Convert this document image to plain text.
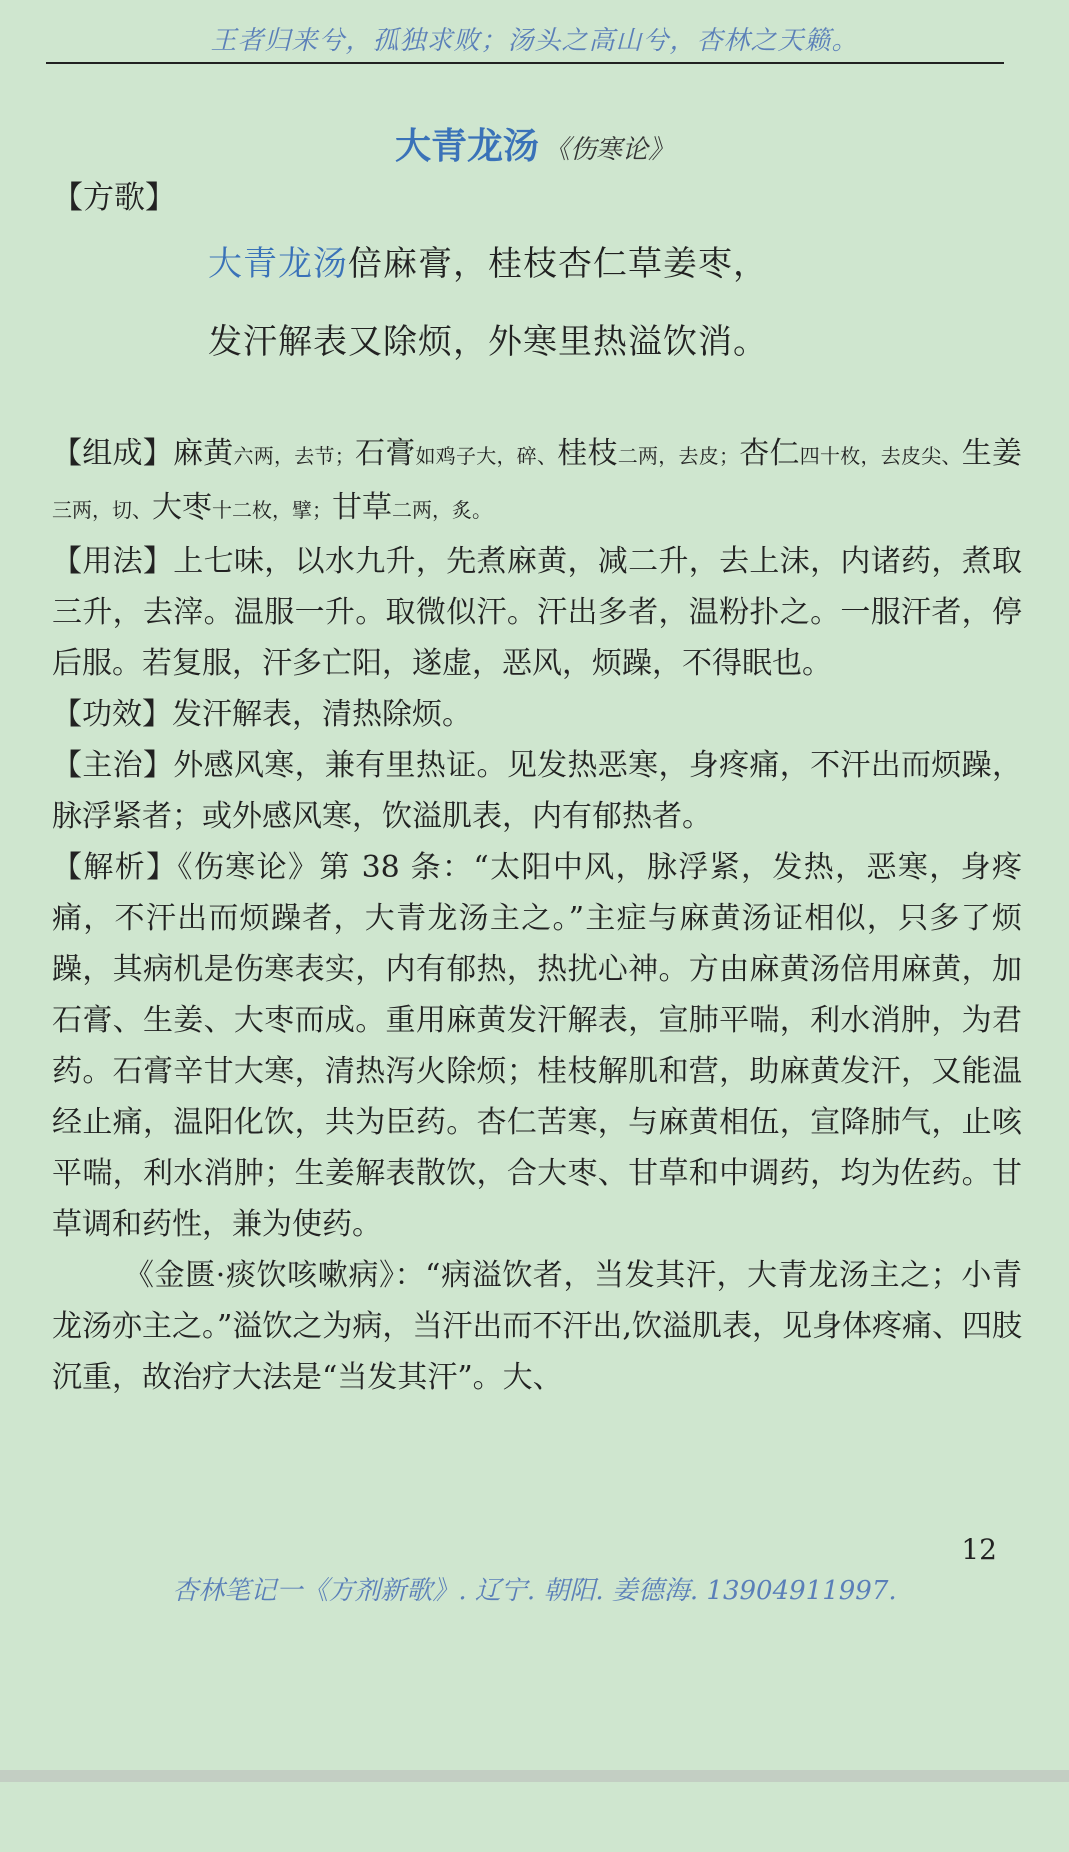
王者归来兮，孤独求败；汤头之高山兮，杏林之天籁。
大青龙汤 《伤寒论》
【方歌】
大青龙汤倍麻膏，桂枝杏仁草姜枣，
发汗解表又除烦，外寒里热溢饮消。

【组成】麻黄六两，去节；石膏如鸡子大，碎、桂枝二两，去皮；杏仁四十枚，去皮尖、生姜三两，切、大枣十二枚，擘；甘草二两，炙。

【用法】上七味，以水九升，先煮麻黄，减二升，去上沫，内诸药，煮取三升，去滓。温服一升。取微似汗。汗出多者，温粉扑之。一服汗者，停后服。若复服，汗多亡阳，遂虚，恶风，烦躁，不得眠也。

【功效】发汗解表，清热除烦。

【主治】外感风寒，兼有里热证。见发热恶寒，身疼痛，不汗出而烦躁，脉浮紧者；或外感风寒，饮溢肌表，内有郁热者。

【解析】《伤寒论》第 38 条：“太阳中风，脉浮紧，发热，恶寒，身疼痛，不汗出而烦躁者，大青龙汤主之。”主症与麻黄汤证相似，只多了烦躁，其病机是伤寒表实，内有郁热，热扰心神。方由麻黄汤倍用麻黄，加石膏、生姜、大枣而成。重用麻黄发汗解表，宣肺平喘，利水消肿，为君药。石膏辛甘大寒，清热泻火除烦；桂枝解肌和营，助麻黄发汗，又能温经止痛，温阳化饮，共为臣药。杏仁苦寒，与麻黄相伍，宣降肺气，止咳平喘，利水消肿；生姜解表散饮，合大枣、甘草和中调药，均为佐药。甘草调和药性，兼为使药。

《金匮·痰饮咳嗽病》：“病溢饮者，当发其汗，大青龙汤主之；小青龙汤亦主之。”溢饮之为病，当汗出而不汗出,饮溢肌表，见身体疼痛、四肢沉重，故治疗大法是“当发其汗”。大、

12
杏林笔记一《方剂新歌》. 辽宁. 朝阳. 姜德海. 13904911997.
